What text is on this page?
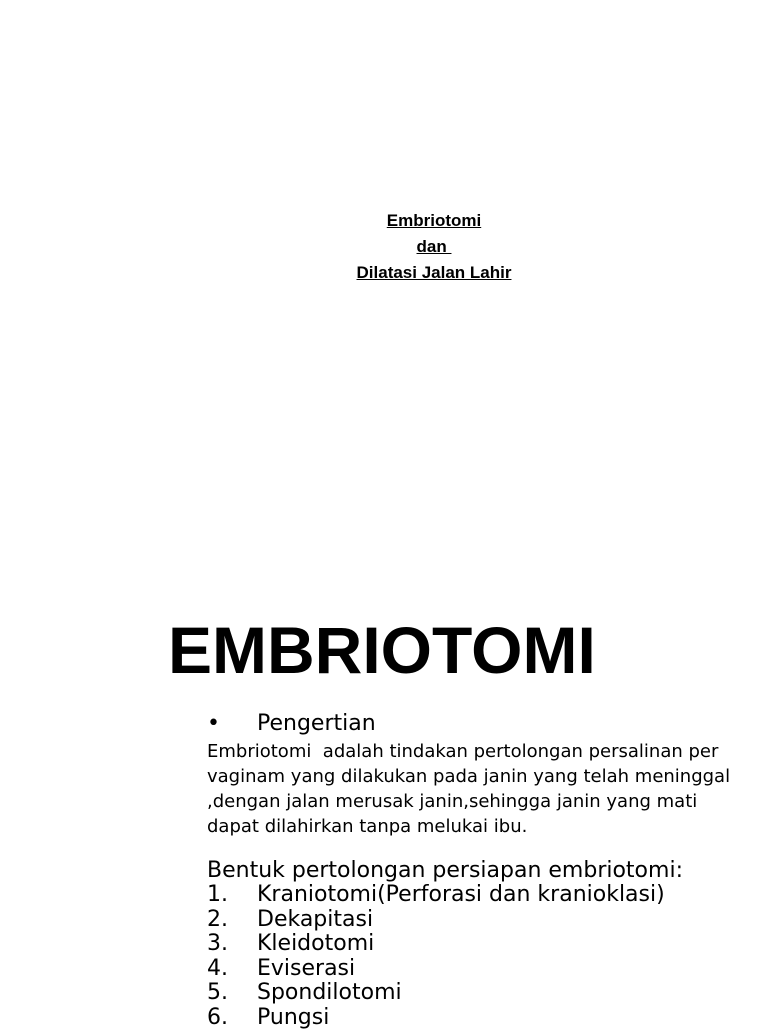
Embriotomi
dan
Dilatasi Jalan Lahir
EMBRIOTOMI
•	Pengertian
Embriotomi  adalah tindakan pertolongan persalinan per vaginam yang dilakukan pada janin yang telah meninggal ,dengan jalan merusak janin,sehingga janin yang mati dapat dilahirkan tanpa melukai ibu.
Bentuk pertolongan persiapan embriotomi:
1.	Kraniotomi(Perforasi dan kranioklasi)
2.	Dekapitasi
3.	Kleidotomi
4.	Eviserasi
5.	Spondilotomi
6.	Pungsi
